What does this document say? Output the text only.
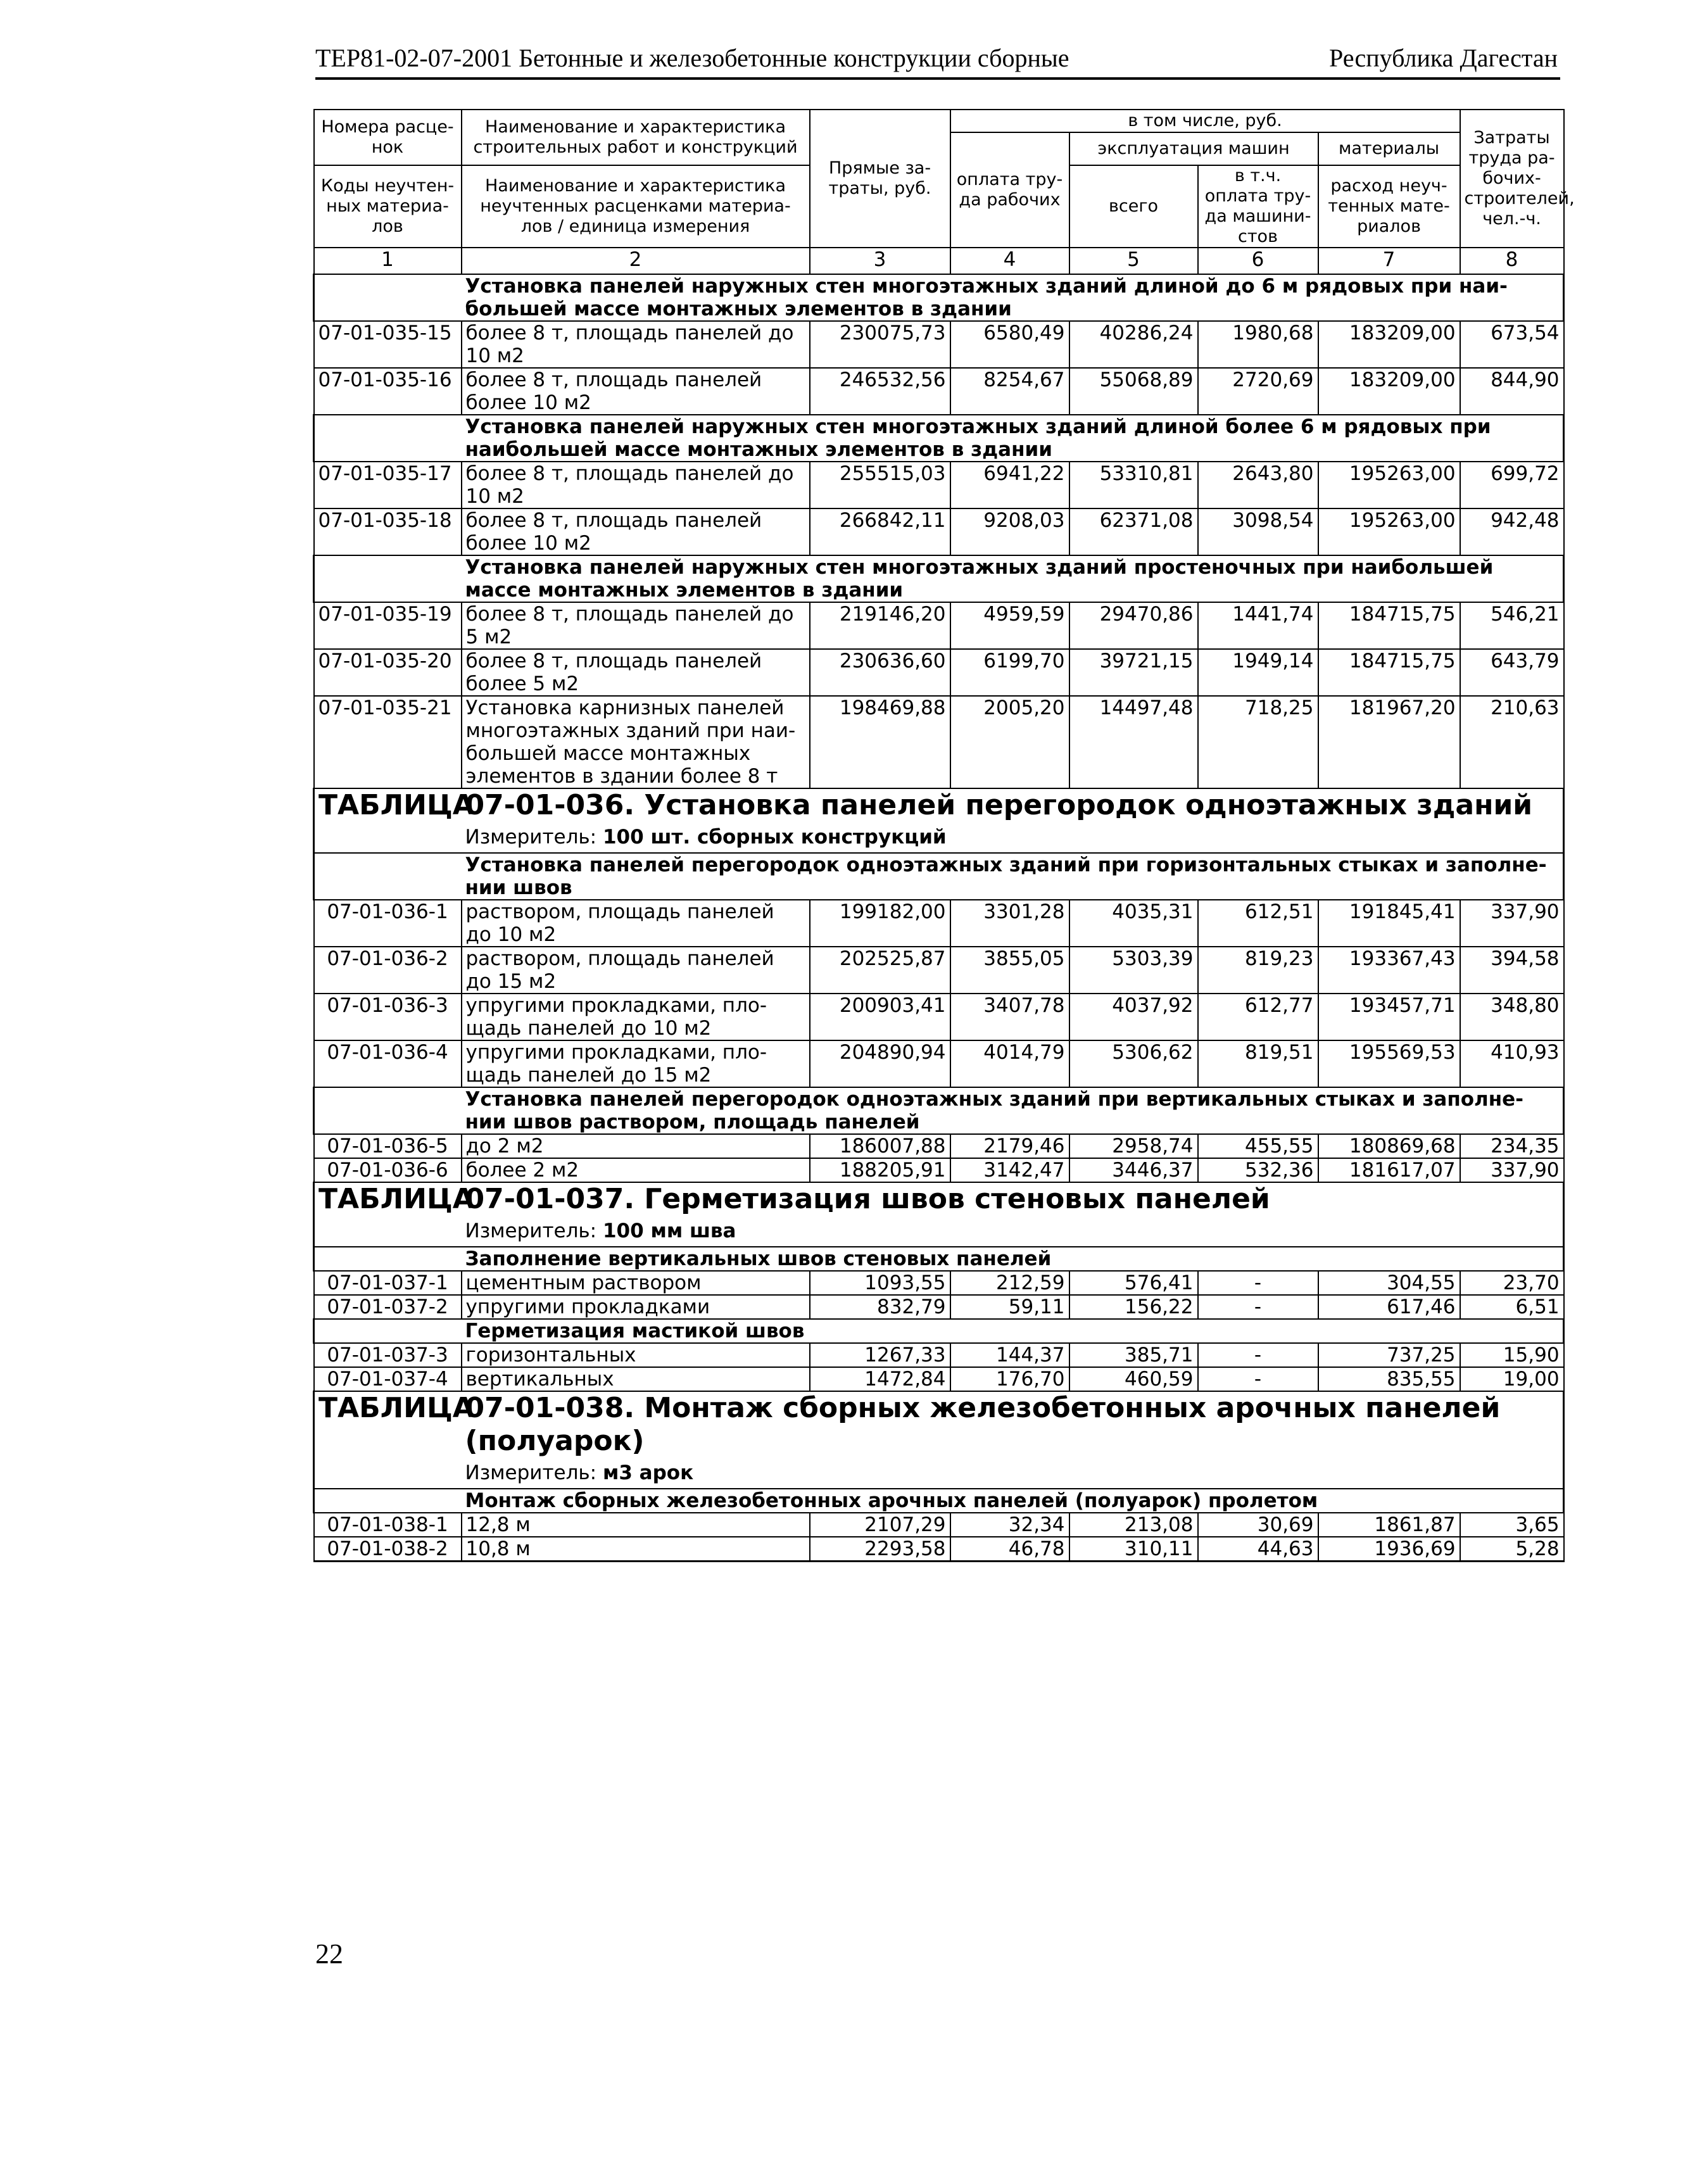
ТЕР81-02-07-2001 Бетонные и железобетонные конструкции сборные	Республика Дагестан
Номера расце-нок	Наименование и характеристика строительных работ и конструкций	Прямые за-траты, руб.	в том числе, руб.				Затраты труда ра-бочих-строителей, чел.-ч.
			оплата тру-да рабочих	эксплуатация машин		материалы	
Коды неучтен-ных материа-лов	Наименование и характеристика неучтенных расценками материа-лов / единица измерения			всего	в т.ч. оплата тру-да машини-стов	расход неуч-тенных мате-риалов	

1	2	3	4	5	6	7	8
	Установка панелей наружных стен многоэтажных зданий длиной до 6 м рядовых при наи-большей массе монтажных элементов в здании						
07-01-035-15	более 8 т, площадь панелей до 10 м2	230075,73	6580,49	40286,24	1980,68	183209,00	673,54
07-01-035-16	более 8 т, площадь панелей более 10 м2	246532,56	8254,67	55068,89	2720,69	183209,00	844,90
	Установка панелей наружных стен многоэтажных зданий длиной более 6 м рядовых при наибольшей массе монтажных элементов в здании						
07-01-035-17	более 8 т, площадь панелей до 10 м2	255515,03	6941,22	53310,81	2643,80	195263,00	699,72
07-01-035-18	более 8 т, площадь панелей более 10 м2	266842,11	9208,03	62371,08	3098,54	195263,00	942,48
	Установка панелей наружных стен многоэтажных зданий простеночных при наибольшей массе монтажных элементов в здании						
07-01-035-19	более 8 т, площадь панелей до 5 м2	219146,20	4959,59	29470,86	1441,74	184715,75	546,21
07-01-035-20	более 8 т, площадь панелей более 5 м2	230636,60	6199,70	39721,15	1949,14	184715,75	643,79
07-01-035-21	Установка карнизных панелей многоэтажных зданий при наи-большей массе монтажных элементов в здании более 8 т	198469,88	2005,20	14497,48	718,25	181967,20	210,63
ТАБЛИЦА	07-01-036. Установка панелей перегородок одноэтажных зданий						
	Измеритель: 100 шт. сборных конструкций						
	Установка панелей перегородок одноэтажных зданий при горизонтальных стыках и заполне-нии швов						
07-01-036-1	раствором, площадь панелей до 10 м2	199182,00	3301,28	4035,31	612,51	191845,41	337,90
07-01-036-2	раствором, площадь панелей до 15 м2	202525,87	3855,05	5303,39	819,23	193367,43	394,58
07-01-036-3	упругими прокладками, пло-щадь панелей до 10 м2	200903,41	3407,78	4037,92	612,77	193457,71	348,80
07-01-036-4	упругими прокладками, пло-щадь панелей до 15 м2	204890,94	4014,79	5306,62	819,51	195569,53	410,93
	Установка панелей перегородок одноэтажных зданий при вертикальных стыках и заполне-нии швов раствором, площадь панелей						
07-01-036-5	до 2 м2	186007,88	2179,46	2958,74	455,55	180869,68	234,35
07-01-036-6	более 2 м2	188205,91	3142,47	3446,37	532,36	181617,07	337,90
ТАБЛИЦА	07-01-037. Герметизация швов стеновых панелей						
	Измеритель: 100 мм шва						
	Заполнение вертикальных швов стеновых панелей						
07-01-037-1	цементным раствором	1093,55	212,59	576,41	-	304,55	23,70
07-01-037-2	упругими прокладками	832,79	59,11	156,22	-	617,46	6,51
	Герметизация мастикой швов						
07-01-037-3	горизонтальных	1267,33	144,37	385,71	-	737,25	15,90
07-01-037-4	вертикальных	1472,84	176,70	460,59	-	835,55	19,00
ТАБЛИЦА	07-01-038. Монтаж сборных железобетонных арочных панелей (полуарок)						
	Измеритель: м3 арок						
	Монтаж сборных железобетонных арочных панелей (полуарок) пролетом						
07-01-038-1	12,8 м	2107,29	32,34	213,08	30,69	1861,87	3,65
07-01-038-2	10,8 м	2293,58	46,78	310,11	44,63	1936,69	5,28
22
